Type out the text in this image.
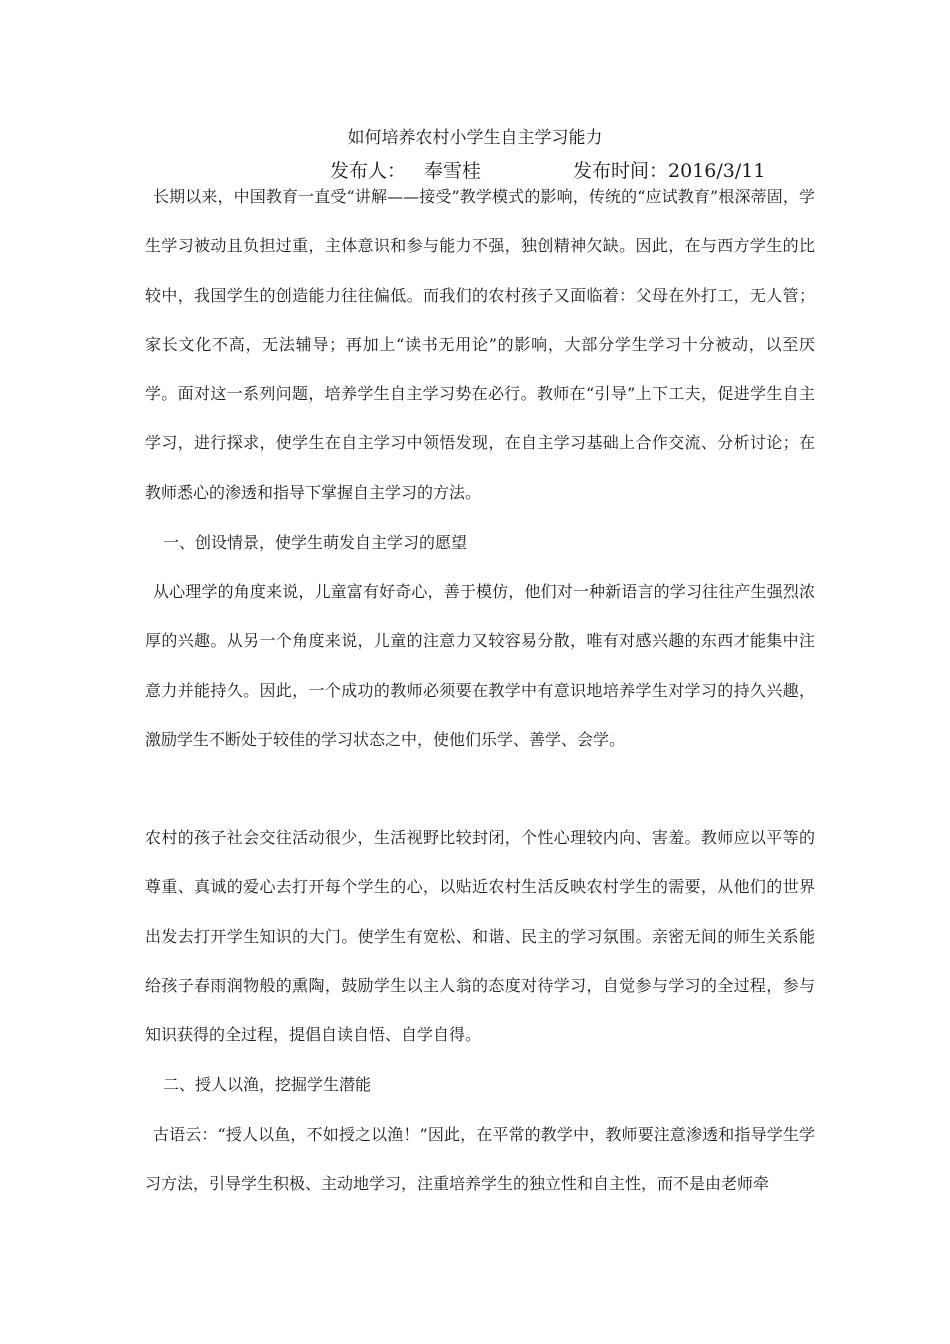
如何培养农村小学生自主学习能力
发布人： 奉雪桂	发布时间：2016/3/11

长期以来，中国教育一直受“讲解——接受”教学模式的影响，传统的“应试教育”根深蒂固，学生学习被动且负担过重，主体意识和参与能力不强，独创精神欠缺。因此，在与西方学生的比较中，我国学生的创造能力往往偏低。而我们的农村孩子又面临着：父母在外打工，无人管；家长文化不高，无法辅导；再加上“读书无用论”的影响，大部分学生学习十分被动，以至厌学。面对这一系列问题，培养学生自主学习势在必行。教师在“引导”上下工夫，促进学生自主学习，进行探求，使学生在自主学习中领悟发现，在自主学习基础上合作交流、分析讨论；在教师悉心的渗透和指导下掌握自主学习的方法。

一、创设情景，使学生萌发自主学习的愿望

从心理学的角度来说，儿童富有好奇心，善于模仿，他们对一种新语言的学习往往产生强烈浓厚的兴趣。从另一个角度来说，儿童的注意力又较容易分散，唯有对感兴趣的东西才能集中注意力并能持久。因此，一个成功的教师必须要在教学中有意识地培养学生对学习的持久兴趣，激励学生不断处于较佳的学习状态之中，使他们乐学、善学、会学。

农村的孩子社会交往活动很少，生活视野比较封闭，个性心理较内向、害羞。教师应以平等的尊重、真诚的爱心去打开每个学生的心，以贴近农村生活反映农村学生的需要，从他们的世界出发去打开学生知识的大门。使学生有宽松、和谐、民主的学习氛围。亲密无间的师生关系能给孩子春雨润物般的熏陶，鼓励学生以主人翁的态度对待学习，自觉参与学习的全过程，参与知识获得的全过程，提倡自读自悟、自学自得。

二、授人以渔，挖掘学生潜能

古语云：“授人以鱼，不如授之以渔！”因此，在平常的教学中，教师要注意渗透和指导学生学习方法，引导学生积极、主动地学习，注重培养学生的独立性和自主性，而不是由老师牵
